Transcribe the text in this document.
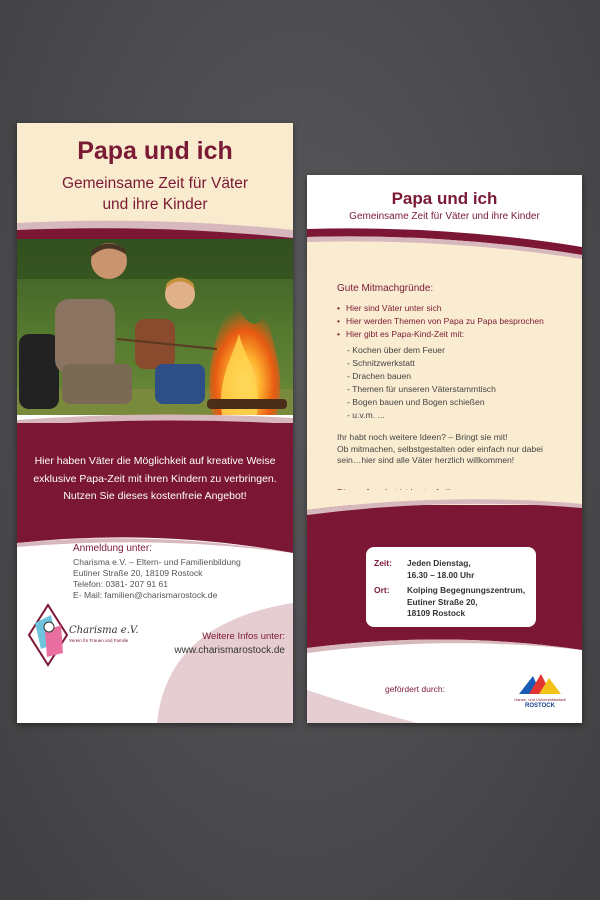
Papa und ich
Gemeinsame Zeit für Väter
und ihre Kinder
Hier haben Väter die Möglichkeit auf kreative Weise
exklusive Papa-Zeit mit ihren Kindern zu verbringen.
Nutzen Sie dieses kostenfreie Angebot!
Anmeldung unter:
Charisma e.V. – Eltern- und Familienbildung
Eutiner Straße 20, 18109 Rostock
Telefon: 0381- 207 91 61
E- Mail: familien@charismarostock.de
Charisma e.V.
Verein für Frauen und Familie	Weitere Infos unter:
www.charismarostock.de
Papa und ich
Gemeinsame Zeit für Väter und ihre Kinder
Gute Mitmachgründe:
• Hier sind Väter unter sich
• Hier werden Themen von Papa zu Papa besprochen
• Hier gibt es Papa-Kind-Zeit mit:
- Kochen über dem Feuer
- Schnitzwerkstatt
- Drachen bauen
- Themen für unseren Väterstammtisch
- Bogen bauen und Bogen schießen
- u.v.m. ...
Ihr habt noch weitere Ideen? – Bringt sie mit!
Ob mitmachen, selbstgestalten oder einfach nur dabei
sein…hier sind alle Väter herzlich willkommen!
Zeit: Jeden Dienstag,
16.30 – 18.00 Uhr
Ort: Kolping Begegnungszentrum,
Eutiner Straße 20,
18109 Rostock
gefördert durch:
Hanse- und Universitätsstadt
ROSTOCK
